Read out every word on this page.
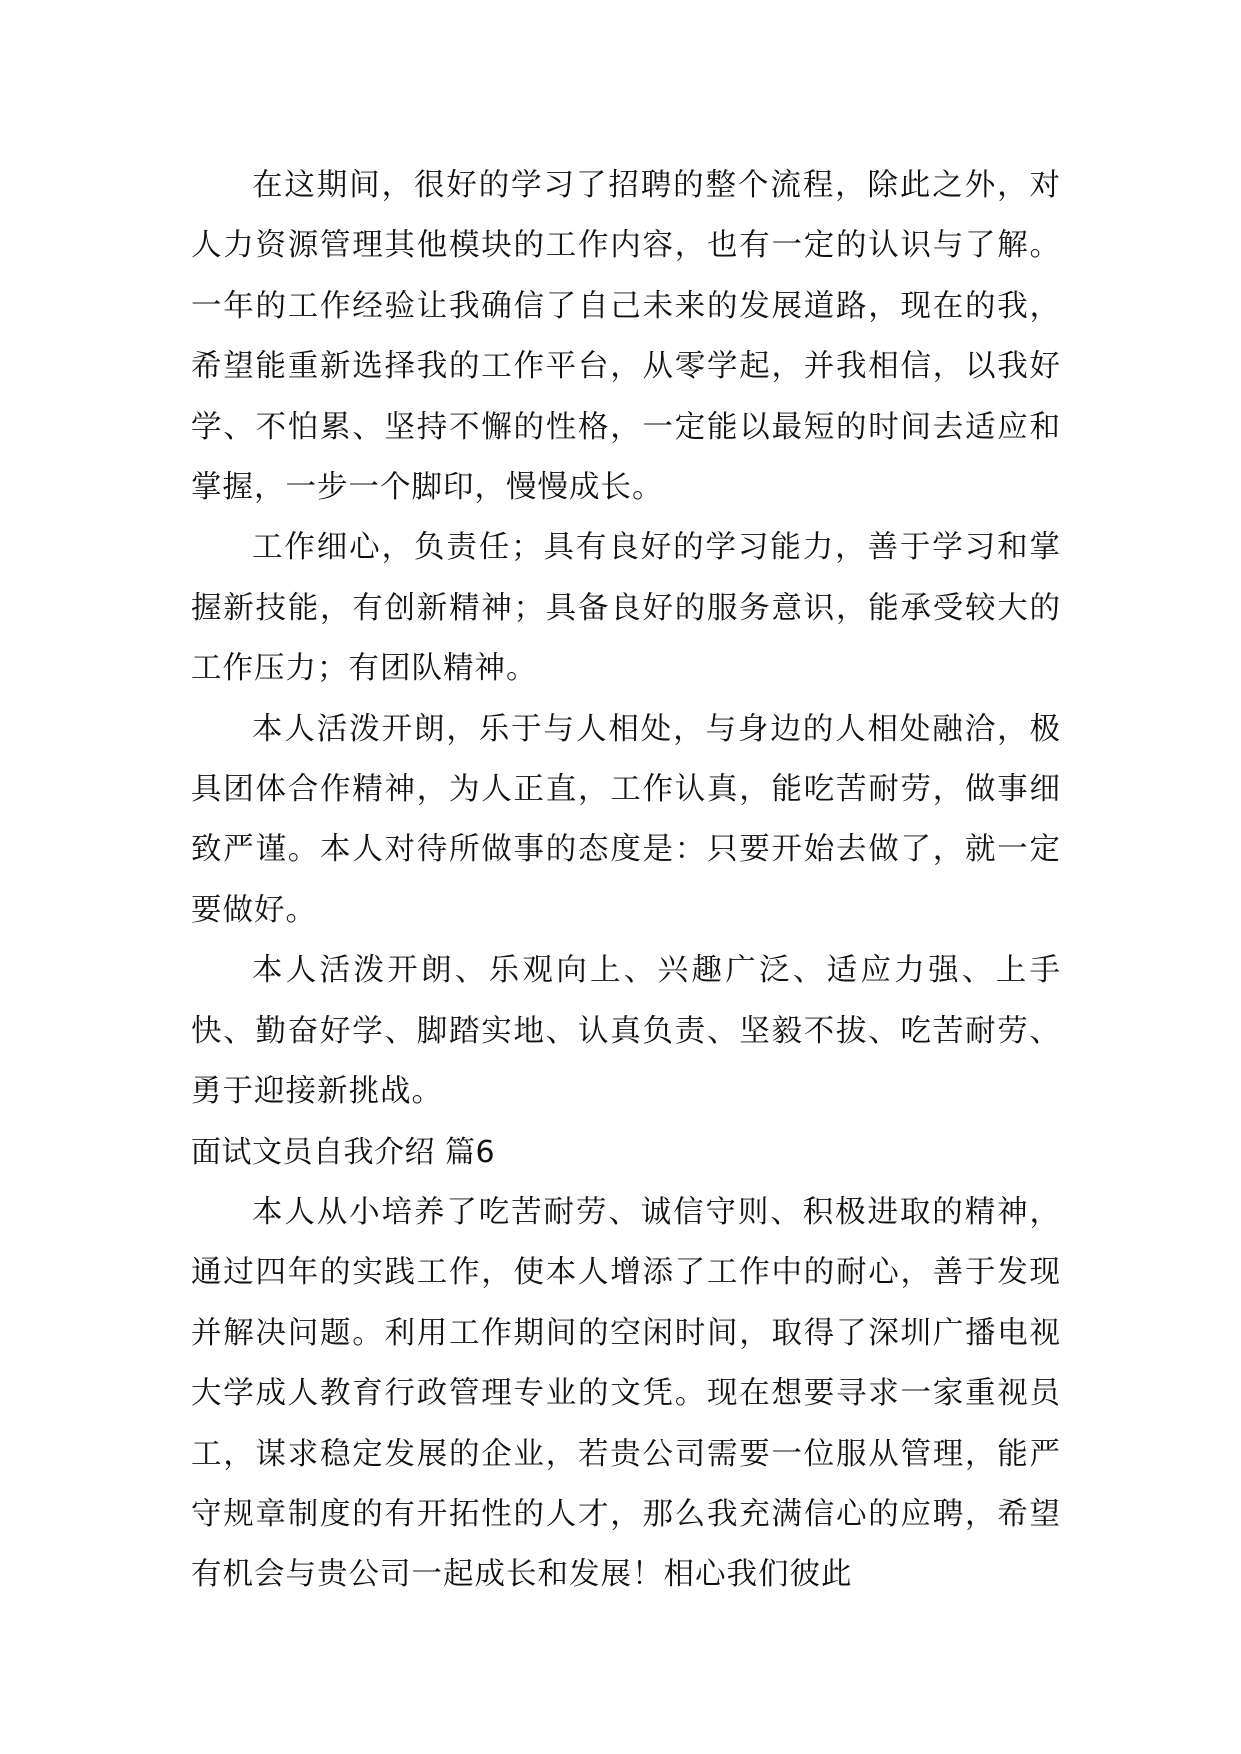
在这期间，很好的学习了招聘的整个流程，除此之外，对人力资源管理其他模块的工作内容，也有一定的认识与了解。一年的工作经验让我确信了自己未来的发展道路，现在的我，希望能重新选择我的工作平台，从零学起，并我相信，以我好学、不怕累、坚持不懈的性格，一定能以最短的时间去适应和掌握，一步一个脚印，慢慢成长。

工作细心，负责任；具有良好的学习能力，善于学习和掌握新技能，有创新精神；具备良好的服务意识，能承受较大的工作压力；有团队精神。

本人活泼开朗，乐于与人相处，与身边的人相处融洽，极具团体合作精神，为人正直，工作认真，能吃苦耐劳，做事细致严谨。本人对待所做事的态度是：只要开始去做了，就一定要做好。

本人活泼开朗、乐观向上、兴趣广泛、适应力强、上手快、勤奋好学、脚踏实地、认真负责、坚毅不拔、吃苦耐劳、勇于迎接新挑战。

面试文员自我介绍 篇6

本人从小培养了吃苦耐劳、诚信守则、积极进取的精神，通过四年的实践工作，使本人增添了工作中的耐心，善于发现并解决问题。利用工作期间的空闲时间，取得了深圳广播电视大学成人教育行政管理专业的文凭。现在想要寻求一家重视员工，谋求稳定发展的企业，若贵公司需要一位服从管理，能严守规章制度的有开拓性的人才，那么我充满信心的应聘，希望有机会与贵公司一起成长和发展！相心我们彼此
